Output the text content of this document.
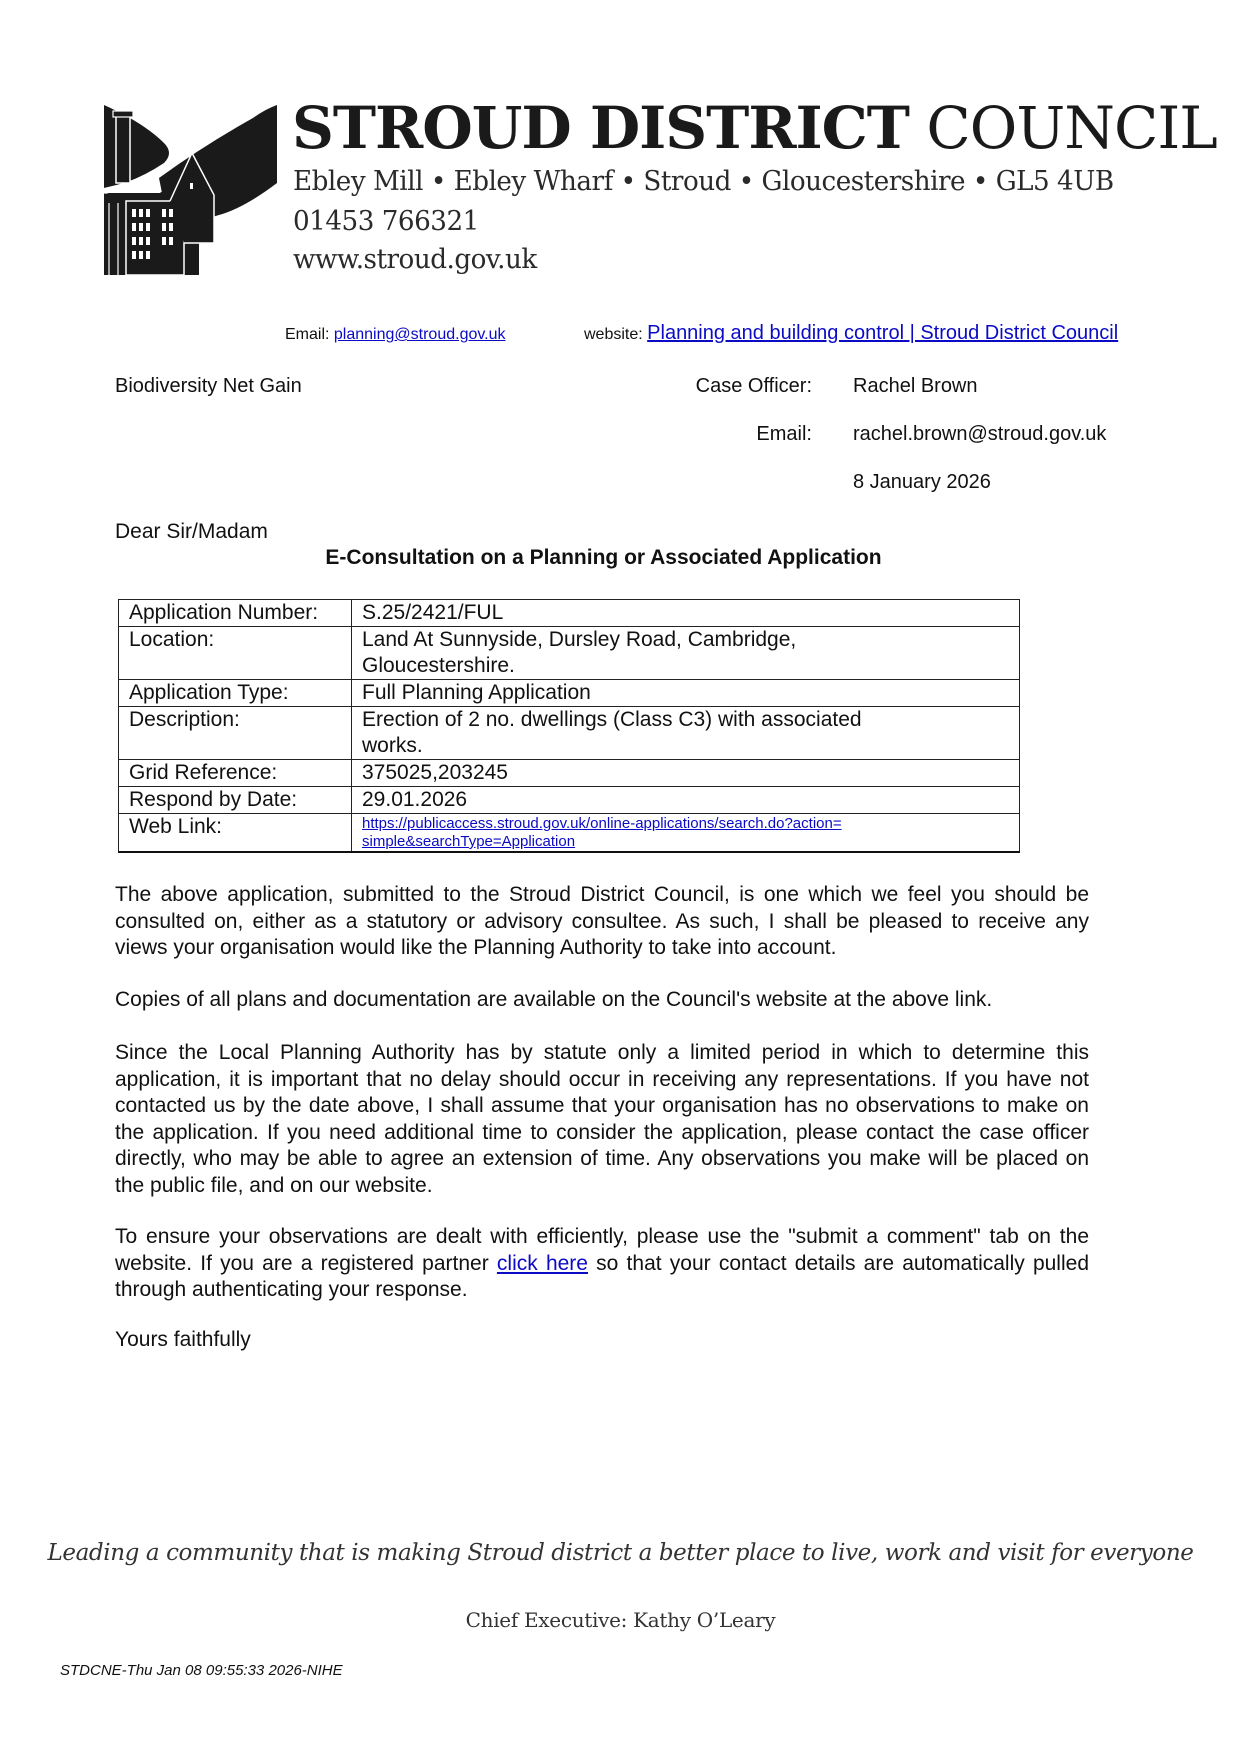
STROUD DISTRICT COUNCIL
Ebley Mill • Ebley Wharf • Stroud • Gloucestershire • GL5 4UB
01453 766321
www.stroud.gov.uk
Email: planning@stroud.gov.uk	website: Planning and building control | Stroud District Council
Biodiversity Net Gain	Case Officer: Rachel Brown
Email: rachel.brown@stroud.gov.uk
8 January 2026
Dear Sir/Madam
E-Consultation on a Planning or Associated Application
Application Number:	S.25/2421/FUL
Location:	Land At Sunnyside, Dursley Road, Cambridge, Gloucestershire.
Application Type:	Full Planning Application
Description:	Erection of 2 no. dwellings (Class C3) with associated works.
Grid Reference:	375025,203245
Respond by Date:	29.01.2026
Web Link:	https://publicaccess.stroud.gov.uk/online-applications/search.do?action=simple&searchType=Application
The above application, submitted to the Stroud District Council, is one which we feel you should be consulted on, either as a statutory or advisory consultee. As such, I shall be pleased to receive any views your organisation would like the Planning Authority to take into account.
Copies of all plans and documentation are available on the Council's website at the above link.
Since the Local Planning Authority has by statute only a limited period in which to determine this application, it is important that no delay should occur in receiving any representations. If you have not contacted us by the date above, I shall assume that your organisation has no observations to make on the application. If you need additional time to consider the application, please contact the case officer directly, who may be able to agree an extension of time. Any observations you make will be placed on the public file, and on our website.
To ensure your observations are dealt with efficiently, please use the "submit a comment" tab on the website. If you are a registered partner click here so that your contact details are automatically pulled through authenticating your response.
Yours faithfully
Leading a community that is making Stroud district a better place to live, work and visit for everyone
Chief Executive: Kathy O’Leary
STDCNE-Thu Jan 08 09:55:33 2026-NIHE
